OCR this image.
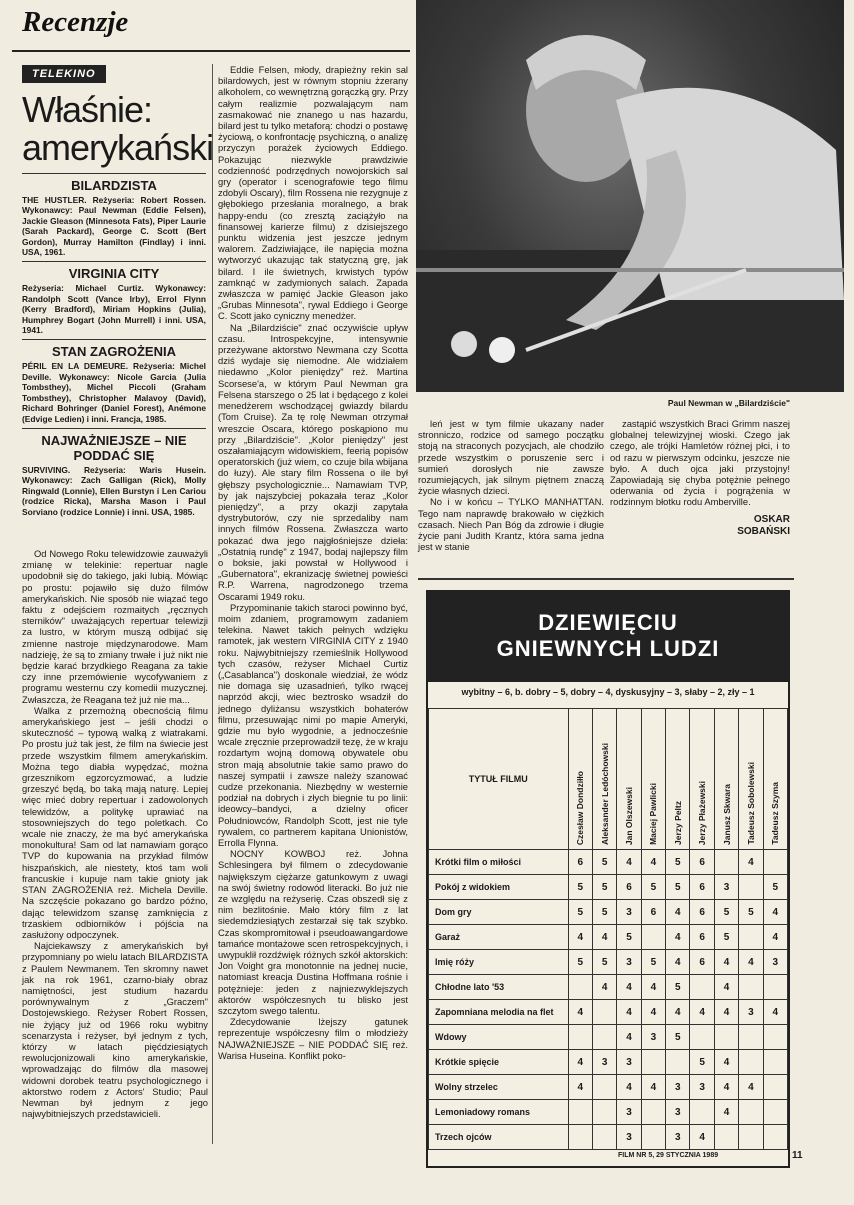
Recenzje
TELEKINO
Właśnie:
amerykański
BILARDZISTA
THE HUSTLER. Reżyseria: Robert Rossen. Wykonawcy: Paul Newman (Eddie Felsen), Jackie Gleason (Minnesota Fats), Piper Laurie (Sarah Packard), George C. Scott (Bert Gordon), Murray Hamilton (Findlay) i inni. USA, 1961.
VIRGINIA CITY
Reżyseria: Michael Curtiz. Wykonawcy: Randolph Scott (Vance Irby), Errol Flynn (Kerry Bradford), Miriam Hopkins (Julia), Humphrey Bogart (John Murrell) i inni. USA, 1941.
STAN ZAGROŻENIA
PÉRIL EN LA DEMEURE. Reżyseria: Michel Deville. Wykonawcy: Nicole Garcia (Julia Tombsthey), Michel Piccoli (Graham Tombsthey), Christopher Malavoy (David), Richard Bohringer (Daniel Forest), Anémone (Edvige Ledien) i inni. Francja, 1985.
NAJWAŻNIEJSZE – NIE PODDAĆ SIĘ
SURVIVING. Reżyseria: Waris Husein. Wykonawcy: Zach Galligan (Rick), Molly Ringwald (Lonnie), Ellen Burstyn i Len Cariou (rodzice Ricka), Marsha Mason i Paul Sorviano (rodzice Lonnie) i inni. USA, 1985.

Od Nowego Roku telewidzowie zauważyli zmianę w telekinie: repertuar nagle upodobnił się do takiego, jaki lubią. Mówiąc po prostu: pojawiło się dużo filmów amerykańskich. Nie sposób nie wiązać tego faktu z odejściem rozmaitych „ręcznych sterników" uważających repertuar telewizji za lustro, w którym muszą odbijać się zmienne nastroje międzynarodowe. Mam nadzieję, że są to zmiany trwałe i już nikt nie będzie karać brzydkiego Reagana za takie czy inne przemówienie wycofywaniem z programu westernu czy komedii muzycznej. Zwłaszcza, że Reagana też już nie ma...

Walka z przemożną obecnością filmu amerykańskiego jest – jeśli chodzi o skuteczność – typową walką z wiatrakami. Po prostu już tak jest, że film na świecie jest przede wszystkim filmem amerykańskim. Można tego diabła wypędzać, można grzesznikom egzorcyzmować, a ludzie grzeszyć będą, bo taką mają naturę. Lepiej więc mieć dobry repertuar i zadowolonych telewidzów, a politykę uprawiać na stosowniejszych do tego poletkach. Co wcale nie znaczy, że ma być amerykańska monokultura! Sam od lat namawiam gorąco TVP do kupowania na przykład filmów hiszpańskich, ale niestety, ktoś tam woli francuskie i kupuje nam takie gnioty jak STAN ZAGROŻENIA reż. Michela Deville. Na szczęście pokazano go bardzo późno, dając telewidzom szansę zamknięcia z trzaskiem odbiorników i pójścia na zasłużony odpoczynek.

Najciekawszy z amerykańskich był przypomniany po wielu latach BILARDZISTA z Paulem Newmanem. Ten skromny nawet jak na rok 1961, czarno-biały obraz namiętności, jest studium hazardu porównywalnym z „Graczem" Dostojewskiego. Reżyser Robert Rossen, nie żyjący już od 1966 roku wybitny scenarzysta i reżyser, był jednym z tych, którzy w latach pięćdziesiątych rewolucjonizowali kino amerykańskie, wprowadzając do filmów dla masowej widowni dorobek teatru psychologicznego i aktorstwo rodem z Actors' Studio; Paul Newman był jednym z jego najwybitniejszych przedstawicieli.

Eddie Felsen, młody, drapieżny rekin sal bilardowych, jest w równym stopniu żzerany alkoholem, co wewnętrzną gorączką gry. Przy całym realizmie pozwalającym nam zasmakować nie znanego u nas hazardu, bilard jest tu tylko metaforą: chodzi o postawę życiową, o konfrontację psychiczną, o analizę przyczyn porażek życiowych Eddiego. Pokazując niezwykle prawdziwie codzienność podrzędnych nowojorskich sal gry (operator i scenografowie tego filmu zdobyli Oscary), film Rossena nie rezygnuje z głębokiego przesłania moralnego, a brak happy-endu (co zresztą zaciążyło na finansowej karierze filmu) z dzisiejszego punktu widzenia jest jeszcze jednym walorem. Zadziwiające, ile napięcia można wytworzyć ukazując tak statyczną grę, jak bilard. I ile świetnych, krwistych typów zamknąć w zadymionych salach. Zapada zwłaszcza w pamięć Jackie Gleason jako „Grubas Minnesota", rywal Eddiego i George C. Scott jako cyniczny menedżer.

Na „Bilardziście" znać oczywiście upływ czasu. Introspekcyjne, intensywnie przeżywane aktorstwo Newmana czy Scotta dziś wydaje się niemodne. Ale widziałem niedawno „Kolor pieniędzy" reż. Martina Scorsese'a, w którym Paul Newman gra Felsena starszego o 25 lat i będącego z kolei menedżerem wschodzącej gwiazdy bilardu (Tom Cruise). Za tę rolę Newman otrzymał wreszcie Oscara, którego poskąpiono mu przy „Bilardziście". „Kolor pieniędzy" jest oszałamiającym widowiskiem, feerią popisów operatorskich (już wiem, co czuje bila wbijana do łuzy). Ale stary film Rossena o ile był głębszy psychologicznie... Namawiam TVP, by jak najszybciej pokazała teraz „Kolor pieniędzy", a przy okazji zapytała dystrybutorów, czy nie sprzedaliby nam innych filmów Rossena. Zwłaszcza warto pokazać dwa jego najgłośniejsze dzieła: „Ostatnią rundę" z 1947, bodaj najlepszy film o boksie, jaki powstał w Hollywood i „Gubernatora", ekranizację świetnej powieści R.P. Warrena, nagrodzonego trzema Oscarami 1949 roku.

Przypominanie takich staroci powinno być, moim zdaniem, programowym zadaniem telekina. Nawet takich pełnych wdzięku ramotek, jak western VIRGINIA CITY z 1940 roku. Najwybitniejszy rzemieślnik Hollywood tych czasów, reżyser Michael Curtiz („Casablanca") doskonale wiedział, że wódz nie domaga się uzasadnień, tylko rwącej naprzód akcji, wiec beztrosko wsadził do jednego dyliżansu wszystkich bohaterów filmu, przesuwając nimi po mapie Ameryki, gdzie mu było wygodnie, a jednocześnie wcale zręcznie przeprowadził tezę, że w kraju rozdartym wojną domową obywatele obu stron mają absolutnie takie samo prawo do naszej sympatii i zawsze należy szanować cudze przekonania. Niezbędny w westernie podział na dobrych i złych biegnie tu po linii: ideowcy–bandyci, a dzielny oficer Południowców, Randolph Scott, jest nie tyle rywalem, co partnerem kapitana Unionistów, Errolla Flynna.

NOCNY KOWBOJ reż. Johna Schlesingera był filmem o zdecydowanie największym ciężarze gatunkowym z uwagi na swój świetny rodowód literacki. Bo już nie ze względu na reżyserię. Czas obszedł się z nim bezlitośnie. Mało który film z lat siedemdziesiątych zestarzał się tak szybko. Czas skompromitował i pseudoawangardowe tamańce montażowe scen retrospekcyjnych, i uwypuklił rozdźwięk różnych szkół aktorskich: Jon Voight gra monotonnie na jednej nucie, natomiast kreacja Dustina Hoffmana rośnie i potężnieje: jeden z najniezwyklejszych aktorów współczesnych tu blisko jest szczytom swego talentu.

Zdecydowanie lżejszy gatunek reprezentuje współczesny film o młodzieży NAJWAŻNIEJSZE – NIE PODDAĆ SIĘ reż. Warisa Huseina. Konflikt poko-

Paul Newman w „Bilardziście"

leń jest w tym filmie ukazany nader stronniczo, rodzice od samego początku stoją na straconych pozycjach, ale chodziło przede wszystkim o poruszenie serc i sumień dorosłych nie zawsze rozumiejących, jak silnym piętnem znaczą życie własnych dzieci.

No i w końcu – TYLKO MANHATTAN. Tego nam naprawdę brakowało w ciężkich czasach. Niech Pan Bóg da zdrowie i długie życie pani Judith Krantz, która sama jedna jest w stanie

zastąpić wszystkich Braci Grimm naszej globalnej telewizyjnej wioski. Czego jak czego, ale trójki Hamletów różnej płci, i to od razu w pierwszym odcinku, jeszcze nie było. A duch ojca jaki przystojny! Zapowiadają się chyba potężnie pełnego oderwania od życia i pogrążenia w rodzinnym błotku rodu Amberville.

OSKAR
SOBAŃSKI
DZIEWIĘCIU
GNIEWNYCH LUDZI
wybitny – 6, b. dobry – 5, dobry – 4, dyskusyjny – 3, słaby – 2, zły – 1
TYTUŁ FILMU	Czesław Dondziłło	Aleksander Ledóchowski	Jan Olszewski	Maciej Pawlicki	Jerzy Peltz	Jerzy Płażewski	Janusz Skwara	Tadeusz Sobolewski	Tadeusz Szyma

Krótki film o miłości	6	5	4	4	5	6		4	
Pokój z widokiem	5	5	6	5	5	6	3		5
Dom gry	5	5	3	6	4	6	5	5	4
Garaż	4	4	5		4	6	5		4
Imię róży	5	5	3	5	4	6	4	4	3
Chłodne lato '53		4	4	4	5		4		
Zapomniana melodia na flet	4		4	4	4	4	4	3	4
Wdowy			4	3	5				
Krótkie spięcie	4	3	3			5	4		
Wolny strzelec	4		4	4	3	3	4	4	
Lemoniadowy romans			3		3		4		
Trzech ojców			3		3	4			
FILM NR 5, 29 STYCZNIA 1989	11
